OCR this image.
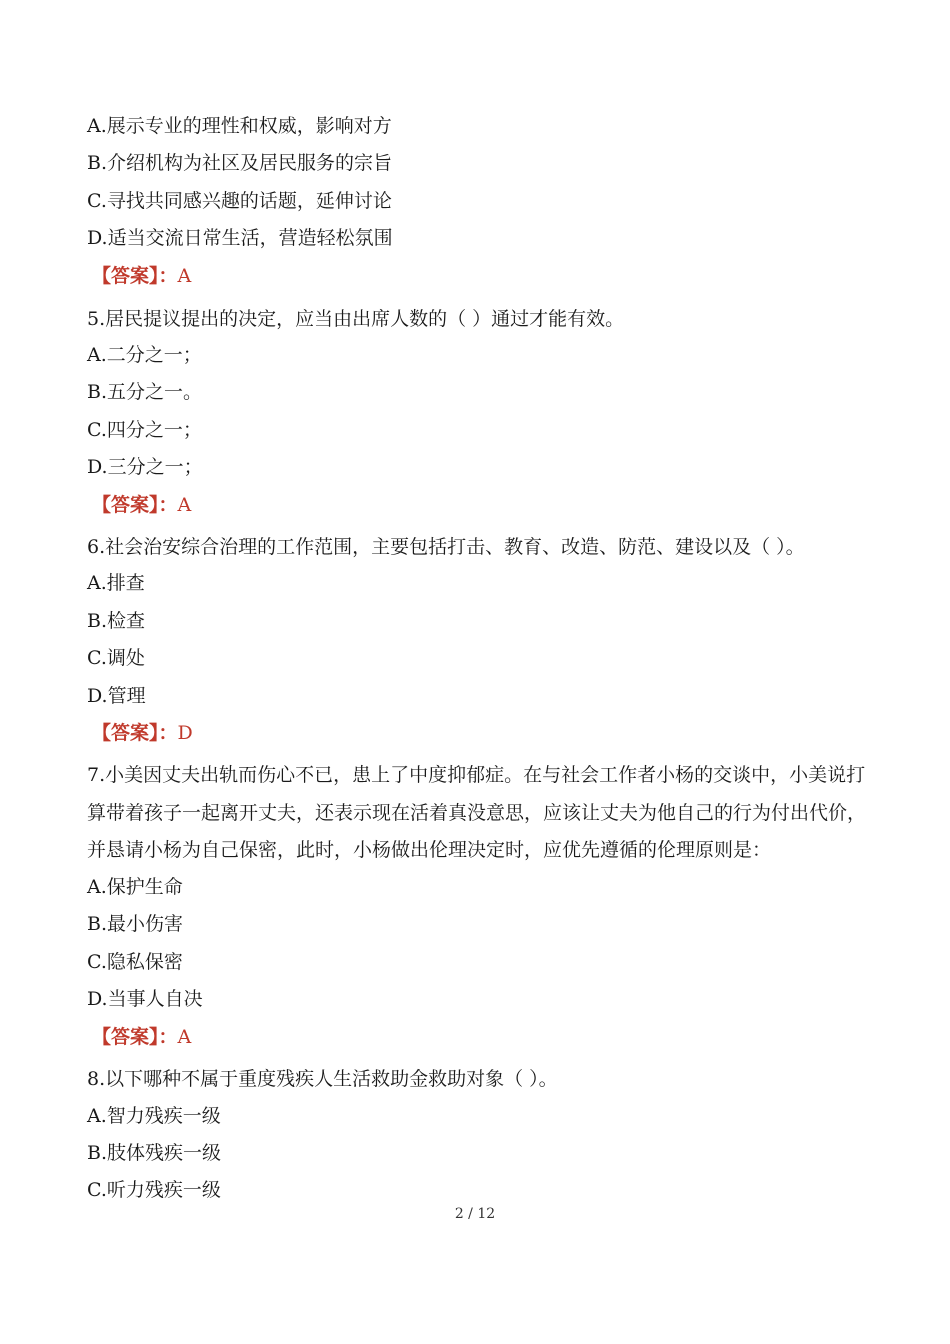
A.展示专业的理性和权威，影响对方
B.介绍机构为社区及居民服务的宗旨
C.寻找共同感兴趣的话题，延伸讨论
D.适当交流日常生活，营造轻松氛围
【答案】：A
5.居民提议提出的决定，应当由出席人数的（ ）通过才能有效。
A.二分之一；
B.五分之一。
C.四分之一；
D.三分之一；
【答案】：A
6.社会治安综合治理的工作范围，主要包括打击、教育、改造、防范、建设以及（ ）。
A.排查
B.检查
C.调处
D.管理
【答案】：D
7.小美因丈夫出轨而伤心不已，患上了中度抑郁症。在与社会工作者小杨的交谈中，小美说打
算带着孩子一起离开丈夫，还表示现在活着真没意思，应该让丈夫为他自己的行为付出代价，
并恳请小杨为自己保密，此时，小杨做出伦理决定时，应优先遵循的伦理原则是：
A.保护生命
B.最小伤害
C.隐私保密
D.当事人自决
【答案】：A
8.以下哪种不属于重度残疾人生活救助金救助对象（ ）。
A.智力残疾一级
B.肢体残疾一级
C.听力残疾一级
2 / 12
